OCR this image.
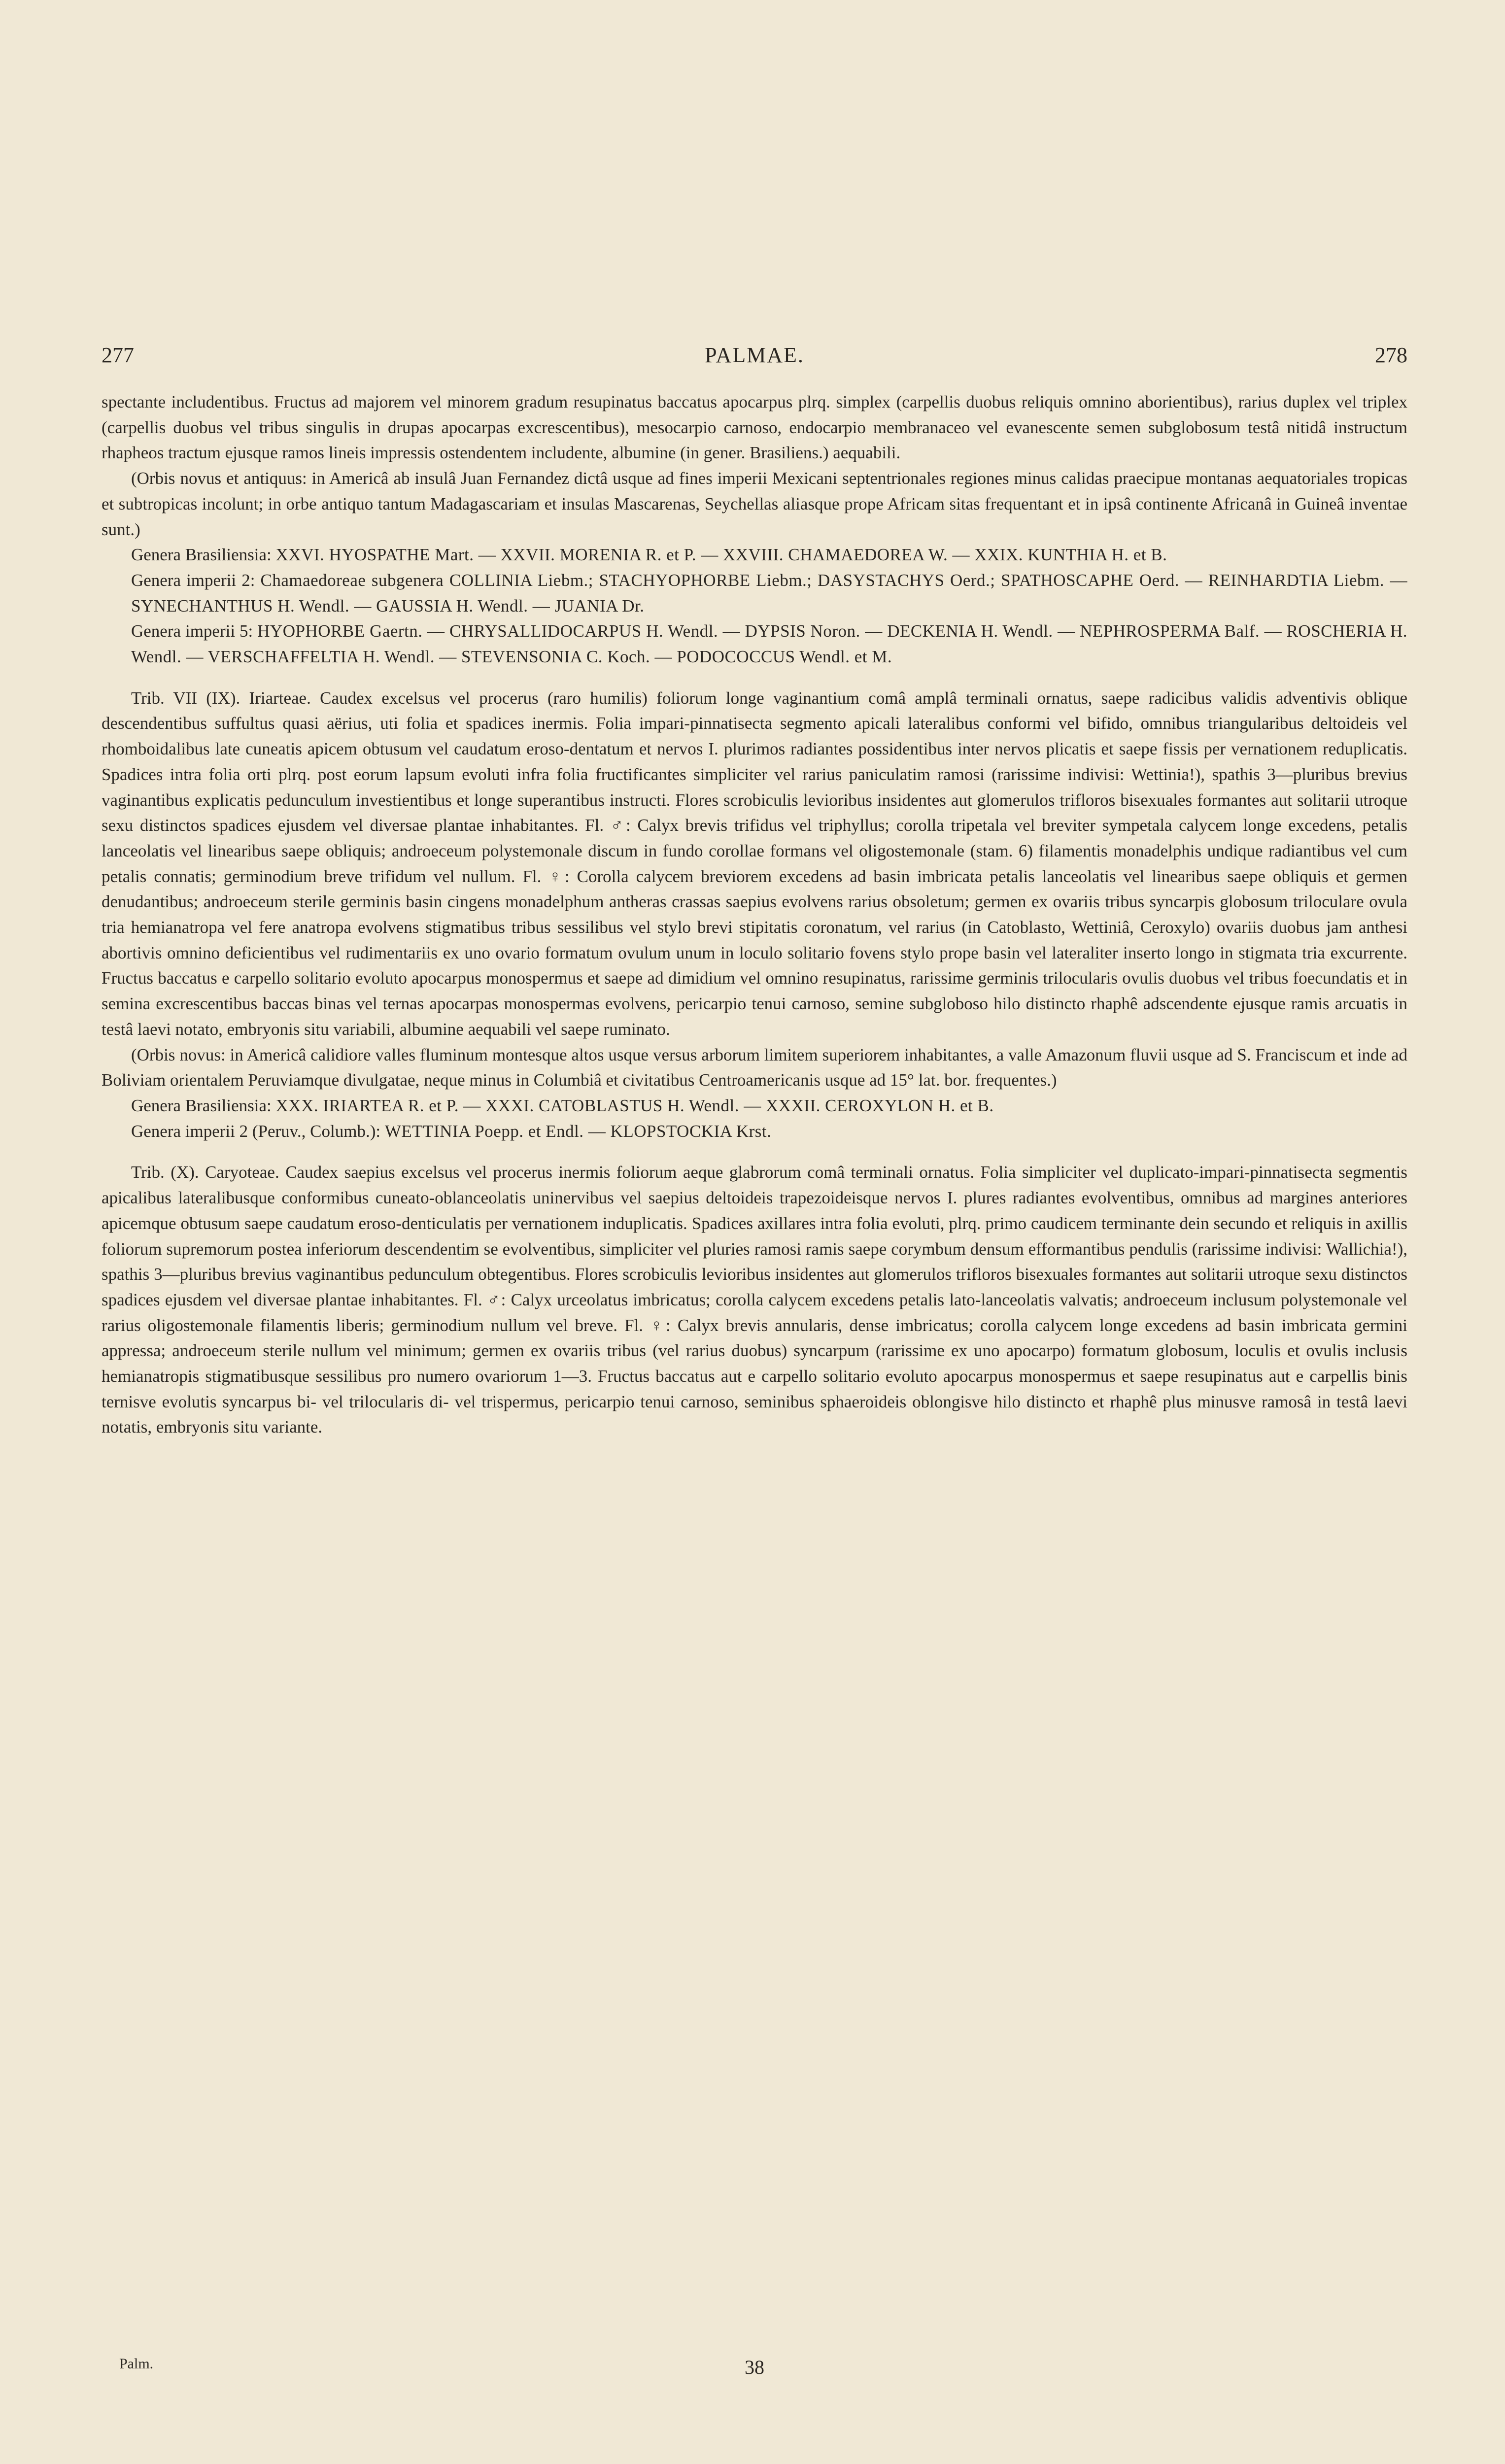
277	PALMAE.	278

spectante includentibus. Fructus ad majorem vel minorem gradum resupinatus baccatus apocarpus plrq. simplex (carpellis duobus reliquis omnino aborientibus), rarius duplex vel triplex (carpellis duobus vel tribus singulis in drupas apocarpas excrescentibus), mesocarpio carnoso, endocarpio membranaceo vel evanescente semen subglobosum testâ nitidâ instructum rhapheos tractum ejusque ramos lineis impressis ostendentem includente, albumine (in gener. Brasiliens.) aequabili.

(Orbis novus et antiquus: in Americâ ab insulâ Juan Fernandez dictâ usque ad fines imperii Mexicani septentrionales regiones minus calidas praecipue montanas aequatoriales tropicas et subtropicas incolunt; in orbe antiquo tantum Madagascariam et insulas Mascarenas, Seychellas aliasque prope Africam sitas frequentant et in ipsâ continente Africanâ in Guineâ inventae sunt.)

Genera Brasiliensia: XXVI. HYOSPATHE Mart. — XXVII. MORENIA R. et P. — XXVIII. CHAMAEDOREA W. — XXIX. KUNTHIA H. et B.

Genera imperii 2: Chamaedoreae subgenera COLLINIA Liebm.; STACHYOPHORBE Liebm.; DASYSTACHYS Oerd.; SPATHOSCAPHE Oerd. — REINHARDTIA Liebm. — SYNECHANTHUS H. Wendl. — GAUSSIA H. Wendl. — JUANIA Dr.

Genera imperii 5: HYOPHORBE Gaertn. — CHRYSALLIDOCARPUS H. Wendl. — DYPSIS Noron. — DECKENIA H. Wendl. — NEPHROSPERMA Balf. — ROSCHERIA H. Wendl. — VERSCHAFFELTIA H. Wendl. — STEVENSONIA C. Koch. — PODOCOCCUS Wendl. et M.

Trib. VII (IX). Iriarteae. Caudex excelsus vel procerus (raro humilis) foliorum longe vaginantium comâ amplâ terminali ornatus, saepe radicibus validis adventivis oblique descendentibus suffultus quasi aërius, uti folia et spadices inermis. Folia impari-pinnatisecta segmento apicali lateralibus conformi vel bifido, omnibus triangularibus deltoideis vel rhomboidalibus late cuneatis apicem obtusum vel caudatum eroso-dentatum et nervos I. plurimos radiantes possidentibus inter nervos plicatis et saepe fissis per vernationem reduplicatis. Spadices intra folia orti plrq. post eorum lapsum evoluti infra folia fructificantes simpliciter vel rarius paniculatim ramosi (rarissime indivisi: Wettinia!), spathis 3—pluribus brevius vaginantibus explicatis pedunculum investientibus et longe superantibus instructi. Flores scrobiculis levioribus insidentes aut glomerulos trifloros bisexuales formantes aut solitarii utroque sexu distinctos spadices ejusdem vel diversae plantae inhabitantes. Fl. ♂: Calyx brevis trifidus vel triphyllus; corolla tripetala vel breviter sympetala calycem longe excedens, petalis lanceolatis vel linearibus saepe obliquis; androeceum polystemonale discum in fundo corollae formans vel oligostemonale (stam. 6) filamentis monadelphis undique radiantibus vel cum petalis connatis; germinodium breve trifidum vel nullum. Fl. ♀: Corolla calycem breviorem excedens ad basin imbricata petalis lanceolatis vel linearibus saepe obliquis et germen denudantibus; androeceum sterile germinis basin cingens monadelphum antheras crassas saepius evolvens rarius obsoletum; germen ex ovariis tribus syncarpis globosum triloculare ovula tria hemianatropa vel fere anatropa evolvens stigmatibus tribus sessilibus vel stylo brevi stipitatis coronatum, vel rarius (in Catoblasto, Wettiniâ, Ceroxylo) ovariis duobus jam anthesi abortivis omnino deficientibus vel rudimentariis ex uno ovario formatum ovulum unum in loculo solitario fovens stylo prope basin vel lateraliter inserto longo in stigmata tria excurrente. Fructus baccatus e carpello solitario evoluto apocarpus monospermus et saepe ad dimidium vel omnino resupinatus, rarissime germinis trilocularis ovulis duobus vel tribus foecundatis et in semina excrescentibus baccas binas vel ternas apocarpas monospermas evolvens, pericarpio tenui carnoso, semine subgloboso hilo distincto rhaphê adscendente ejusque ramis arcuatis in testâ laevi notato, embryonis situ variabili, albumine aequabili vel saepe ruminato.

(Orbis novus: in Americâ calidiore valles fluminum montesque altos usque versus arborum limitem superiorem inhabitantes, a valle Amazonum fluvii usque ad S. Franciscum et inde ad Boliviam orientalem Peruviamque divulgatae, neque minus in Columbiâ et civitatibus Centroamericanis usque ad 15° lat. bor. frequentes.)

Genera Brasiliensia: XXX. IRIARTEA R. et P. — XXXI. CATOBLASTUS H. Wendl. — XXXII. CEROXYLON H. et B.

Genera imperii 2 (Peruv., Columb.): WETTINIA Poepp. et Endl. — KLOPSTOCKIA Krst.

Trib. (X). Caryoteae. Caudex saepius excelsus vel procerus inermis foliorum aeque glabrorum comâ terminali ornatus. Folia simpliciter vel duplicato-impari-pinnatisecta segmentis apicalibus lateralibusque conformibus cuneato-oblanceolatis uninervibus vel saepius deltoideis trapezoideisque nervos I. plures radiantes evolventibus, omnibus ad margines anteriores apicemque obtusum saepe caudatum eroso-denticulatis per vernationem induplicatis. Spadices axillares intra folia evoluti, plrq. primo caudicem terminante dein secundo et reliquis in axillis foliorum supremorum postea inferiorum descendentim se evolventibus, simpliciter vel pluries ramosi ramis saepe corymbum densum efformantibus pendulis (rarissime indivisi: Wallichia!), spathis 3—pluribus brevius vaginantibus pedunculum obtegentibus. Flores scrobiculis levioribus insidentes aut glomerulos trifloros bisexuales formantes aut solitarii utroque sexu distinctos spadices ejusdem vel diversae plantae inhabitantes. Fl. ♂: Calyx urceolatus imbricatus; corolla calycem excedens petalis lato-lanceolatis valvatis; androeceum inclusum polystemonale vel rarius oligostemonale filamentis liberis; germinodium nullum vel breve. Fl. ♀: Calyx brevis annularis, dense imbricatus; corolla calycem longe excedens ad basin imbricata germini appressa; androeceum sterile nullum vel minimum; germen ex ovariis tribus (vel rarius duobus) syncarpum (rarissime ex uno apocarpo) formatum globosum, loculis et ovulis inclusis hemianatropis stigmatibusque sessilibus pro numero ovariorum 1—3. Fructus baccatus aut e carpello solitario evoluto apocarpus monospermus et saepe resupinatus aut e carpellis binis ternisve evolutis syncarpus bi- vel trilocularis di- vel trispermus, pericarpio tenui carnoso, seminibus sphaeroideis oblongisve hilo distincto et rhaphê plus minusve ramosâ in testâ laevi notatis, embryonis situ variante.

Palm.	38
